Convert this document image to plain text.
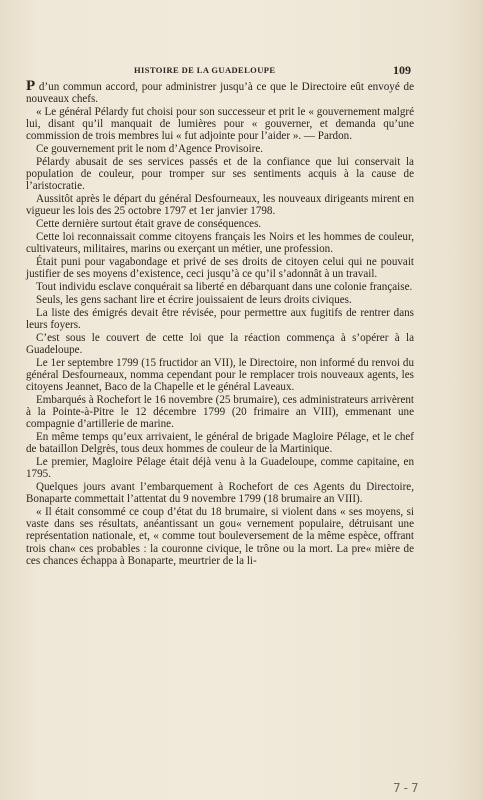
HISTOIRE DE LA GUADELOUPE	109

P d’un commun accord, pour administrer jusqu’à ce que le Directoire eût envoyé de nouveaux chefs.

« Le général Pélardy fut choisi pour son successeur et prit le « gouvernement malgré lui, disant qu’il manquait de lumières pour « gouverner, et demanda qu’une commission de trois membres lui « fut adjointe pour l’aider ». — Pardon.

Ce gouvernement prit le nom d’Agence Provisoire.

Pélardy abusait de ses services passés et de la confiance que lui conservait la population de couleur, pour tromper sur ses sentiments acquis à la cause de l’aristocratie.

Aussitôt après le départ du général Desfourneaux, les nouveaux dirigeants mirent en vigueur les lois des 25 octobre 1797 et 1er janvier 1798.

Cette dernière surtout était grave de conséquences.

Cette loi reconnaissait comme citoyens français les Noirs et les hommes de couleur, cultivateurs, militaires, marins ou exerçant un métier, une profession.

Était puni pour vagabondage et privé de ses droits de citoyen celui qui ne pouvait justifier de ses moyens d’existence, ceci jusqu’à ce qu’il s’adonnât à un travail.

Tout individu esclave conquérait sa liberté en débarquant dans une colonie française.

Seuls, les gens sachant lire et écrire jouissaient de leurs droits civiques.

La liste des émigrés devait être révisée, pour permettre aux fugitifs de rentrer dans leurs foyers.

C’est sous le couvert de cette loi que la réaction commença à s’opérer à la Guadeloupe.

Le 1er septembre 1799 (15 fructidor an VII), le Directoire, non informé du renvoi du général Desfourneaux, nomma cependant pour le remplacer trois nouveaux agents, les citoyens Jeannet, Baco de la Chapelle et le général Laveaux.

Embarqués à Rochefort le 16 novembre (25 brumaire), ces administrateurs arrivèrent à la Pointe-à-Pitre le 12 décembre 1799 (20 frimaire an VIII), emmenant une compagnie d’artillerie de marine.

En même temps qu’eux arrivaient, le général de brigade Magloire Pélage, et le chef de bataillon Delgrès, tous deux hommes de couleur de la Martinique.

Le premier, Magloire Pélage était déjà venu à la Guadeloupe, comme capitaine, en 1795.

Quelques jours avant l’embarquement à Rochefort de ces Agents du Directoire, Bonaparte commettait l’attentat du 9 novembre 1799 (18 brumaire an VIII).

« Il était consommé ce coup d’état du 18 brumaire, si violent dans « ses moyens, si vaste dans ses résultats, anéantissant un gou« vernement populaire, détruisant une représentation nationale, et, « comme tout bouleversement de la même espèce, offrant trois chan« ces probables : la couronne civique, le trône ou la mort. La pre« mière de ces chances échappa à Bonaparte, meurtrier de la li-

7-7
